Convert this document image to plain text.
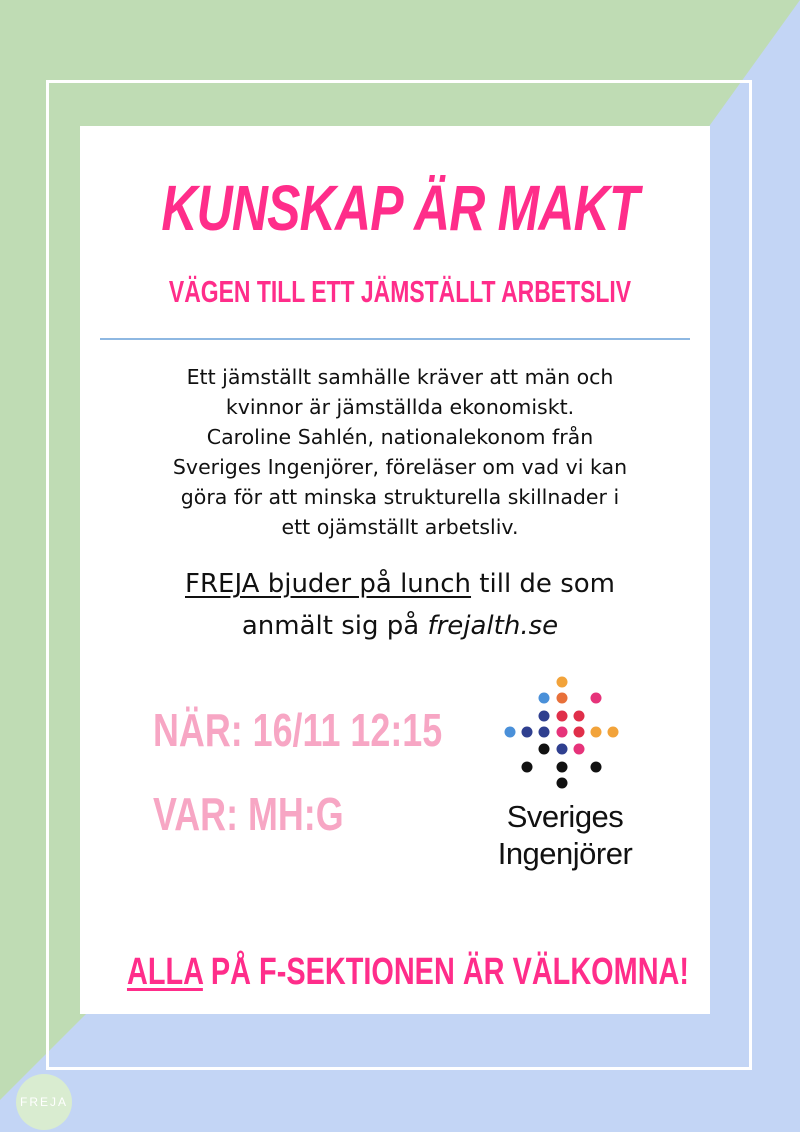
KUNSKAP ÄR MAKT
VÄGEN TILL ETT JÄMSTÄLLT ARBETSLIV

Ett jämställt samhälle kräver att män och
kvinnor är jämställda ekonomiskt.
Caroline Sahlén, nationalekonom från
Sveriges Ingenjörer, föreläser om vad vi kan
göra för att minska strukturella skillnader i
ett ojämställt arbetsliv.

FREJA bjuder på lunch till de som
anmält sig på frejalth.se

NÄR: 16/11 12:15

VAR: MH:G	Sveriges
Ingenjörer

ALLA PÅ F-SEKTIONEN ÄR VÄLKOMNA!

FREJA
